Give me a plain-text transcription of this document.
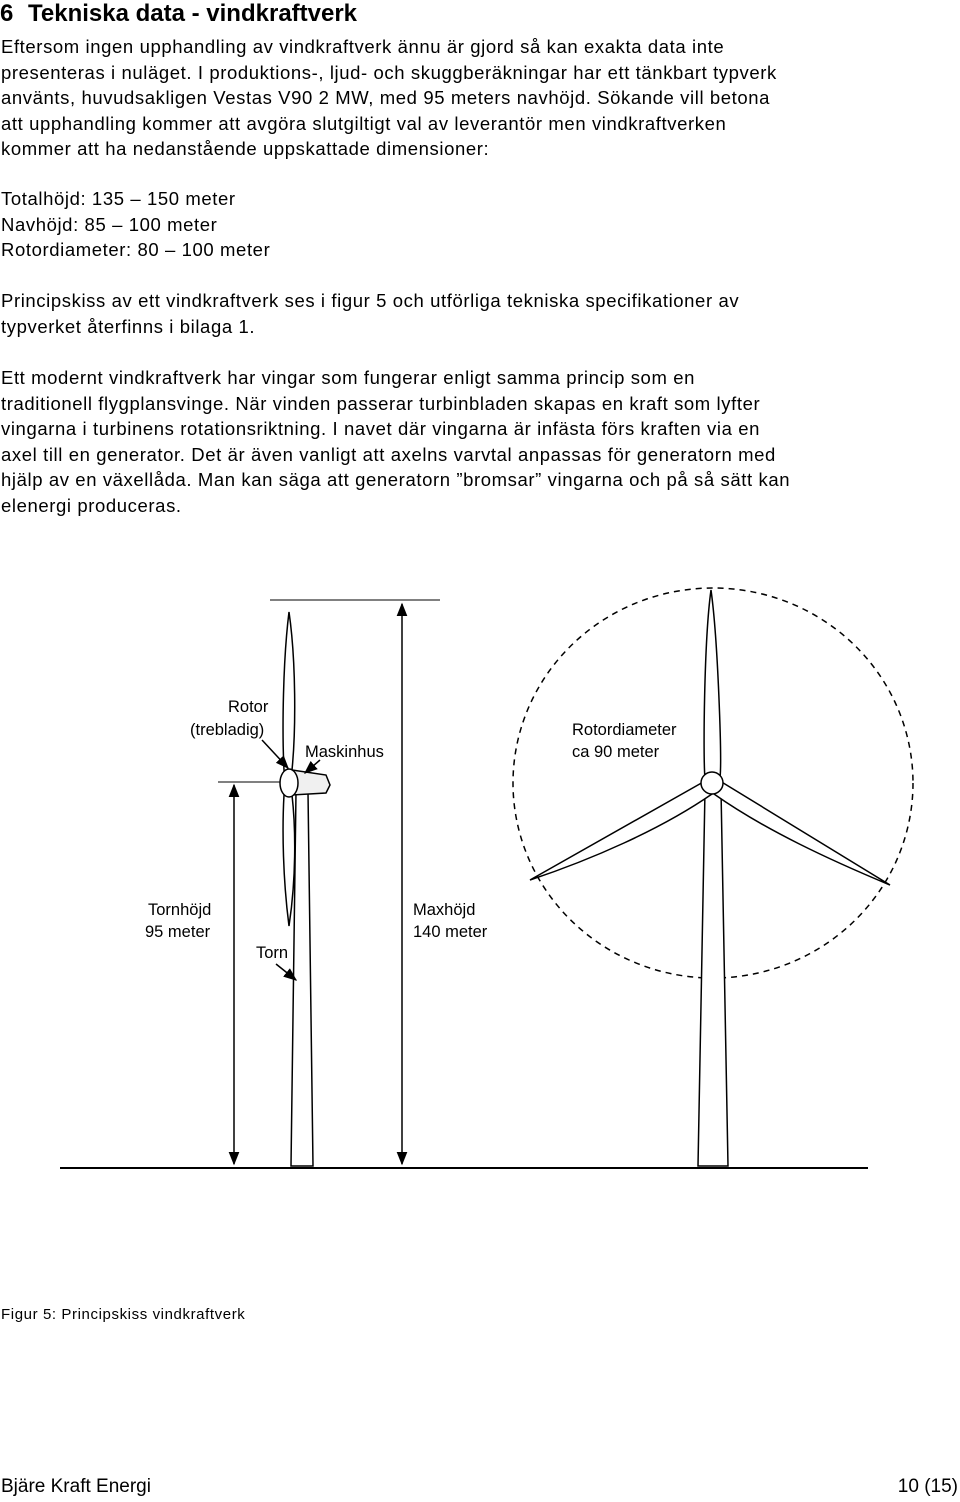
6 Tekniska data - vindkraftverk
Eftersom ingen upphandling av vindkraftverk ännu är gjord så kan exakta data inte
presenteras i nuläget. I produktions-, ljud- och skuggberäkningar har ett tänkbart typverk
använts, huvudsakligen Vestas V90 2 MW, med 95 meters navhöjd. Sökande vill betona
att upphandling kommer att avgöra slutgiltigt val av leverantör men vindkraftverken
kommer att ha nedanstående uppskattade dimensioner:
Totalhöjd: 135 – 150 meter
Navhöjd: 85 – 100 meter
Rotordiameter: 80 – 100 meter
Principskiss av ett vindkraftverk ses i figur 5 och utförliga tekniska specifikationer av
typverket återfinns i bilaga 1.
Ett modernt vindkraftverk har vingar som fungerar enligt samma princip som en
traditionell flygplansvinge. När vinden passerar turbinbladen skapas en kraft som lyfter
vingarna i turbinens rotationsriktning. I navet där vingarna är infästa förs kraften via en
axel till en generator. Det är även vanligt att axelns varvtal anpassas för generatorn med
hjälp av en växellåda. Man kan säga att generatorn ”bromsar” vingarna och på så sätt kan
elenergi produceras.
Rotor
(trebladig)
Maskinhus
Rotordiameter
ca 90 meter
Tornhöjd
95 meter
Torn
Maxhöjd
140 meter
Figur 5: Principskiss vindkraftverk
Bjäre Kraft Energi	10 (15)
